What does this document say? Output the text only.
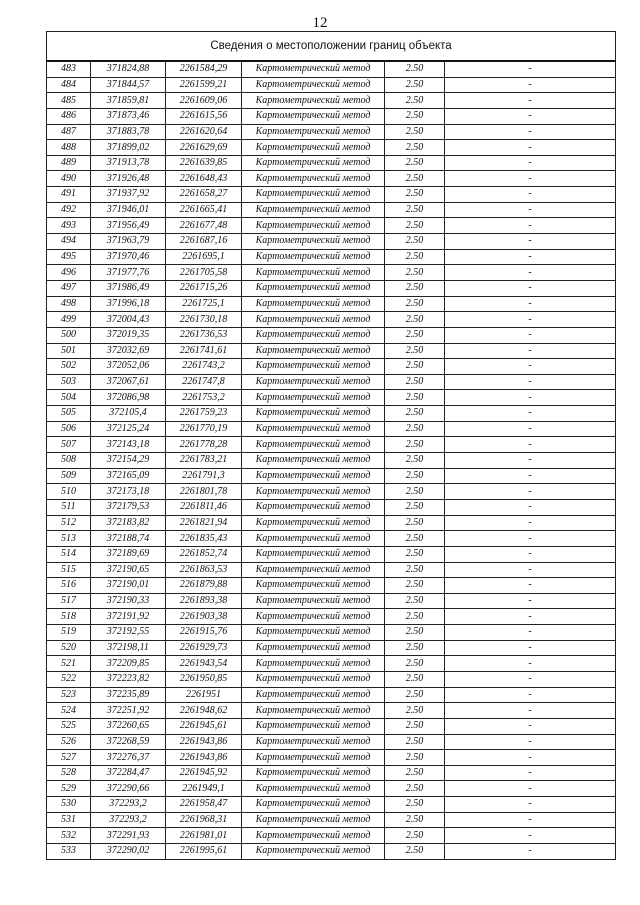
12
Сведения о местоположении границ объекта					
483	371824,88	2261584,29	Картометрический метод	2.50	-
484	371844,57	2261599,21	Картометрический метод	2.50	-
485	371859,81	2261609,06	Картометрический метод	2.50	-
486	371873,46	2261615,56	Картометрический метод	2.50	-
487	371883,78	2261620,64	Картометрический метод	2.50	-
488	371899,02	2261629,69	Картометрический метод	2.50	-
489	371913,78	2261639,85	Картометрический метод	2.50	-
490	371926,48	2261648,43	Картометрический метод	2.50	-
491	371937,92	2261658,27	Картометрический метод	2.50	-
492	371946,01	2261665,41	Картометрический метод	2.50	-
493	371956,49	2261677,48	Картометрический метод	2.50	-
494	371963,79	2261687,16	Картометрический метод	2.50	-
495	371970,46	2261695,1	Картометрический метод	2.50	-
496	371977,76	2261705,58	Картометрический метод	2.50	-
497	371986,49	2261715,26	Картометрический метод	2.50	-
498	371996,18	2261725,1	Картометрический метод	2.50	-
499	372004,43	2261730,18	Картометрический метод	2.50	-
500	372019,35	2261736,53	Картометрический метод	2.50	-
501	372032,69	2261741,61	Картометрический метод	2.50	-
502	372052,06	2261743,2	Картометрический метод	2.50	-
503	372067,61	2261747,8	Картометрический метод	2.50	-
504	372086,98	2261753,2	Картометрический метод	2.50	-
505	372105,4	2261759,23	Картометрический метод	2.50	-
506	372125,24	2261770,19	Картометрический метод	2.50	-
507	372143,18	2261778,28	Картометрический метод	2.50	-
508	372154,29	2261783,21	Картометрический метод	2.50	-
509	372165,09	2261791,3	Картометрический метод	2.50	-
510	372173,18	2261801,78	Картометрический метод	2.50	-
511	372179,53	2261811,46	Картометрический метод	2.50	-
512	372183,82	2261821,94	Картометрический метод	2.50	-
513	372188,74	2261835,43	Картометрический метод	2.50	-
514	372189,69	2261852,74	Картометрический метод	2.50	-
515	372190,65	2261863,53	Картометрический метод	2.50	-
516	372190,01	2261879,88	Картометрический метод	2.50	-
517	372190,33	2261893,38	Картометрический метод	2.50	-
518	372191,92	2261903,38	Картометрический метод	2.50	-
519	372192,55	2261915,76	Картометрический метод	2.50	-
520	372198,11	2261929,73	Картометрический метод	2.50	-
521	372209,85	2261943,54	Картометрический метод	2.50	-
522	372223,82	2261950,85	Картометрический метод	2.50	-
523	372235,89	2261951	Картометрический метод	2.50	-
524	372251,92	2261948,62	Картометрический метод	2.50	-
525	372260,65	2261945,61	Картометрический метод	2.50	-
526	372268,59	2261943,86	Картометрический метод	2.50	-
527	372276,37	2261943,86	Картометрический метод	2.50	-
528	372284,47	2261945,92	Картометрический метод	2.50	-
529	372290,66	2261949,1	Картометрический метод	2.50	-
530	372293,2	2261958,47	Картометрический метод	2.50	-
531	372293,2	2261968,31	Картометрический метод	2.50	-
532	372291,93	2261981,01	Картометрический метод	2.50	-
533	372290,02	2261995,61	Картометрический метод	2.50	-
